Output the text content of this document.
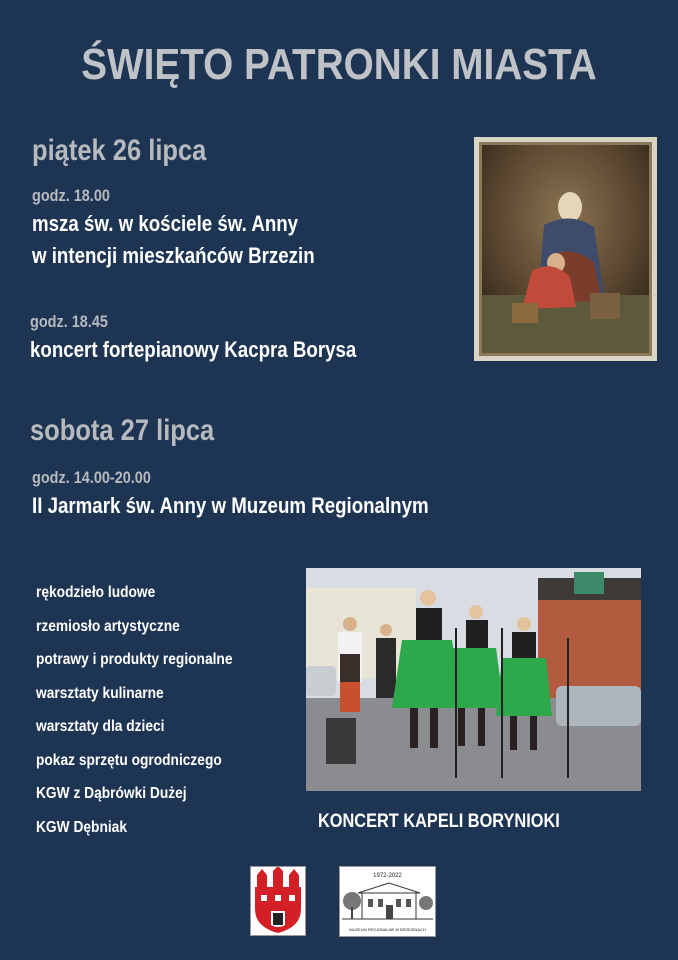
ŚWIĘTO PATRONKI MIASTA
piątek 26 lipca
godz. 18.00
msza św. w kościele św. Anny
w intencji mieszkańców Brzezin
godz. 18.45
koncert fortepianowy Kacpra Borysa
sobota 27 lipca
godz. 14.00-20.00
II Jarmark św. Anny w Muzeum Regionalnym
rękodzieło ludowe
rzemiosło artystyczne
potrawy i produkty regionalne
warsztaty kulinarne
warsztaty dla dzieci
pokaz sprzętu ogrodniczego
KGW z Dąbrówki Dużej
KGW Dębniak	KONCERT KAPELI BORYNIOKI
1972-2022
MUZEUM REGIONALNE W BRZEZINACH
